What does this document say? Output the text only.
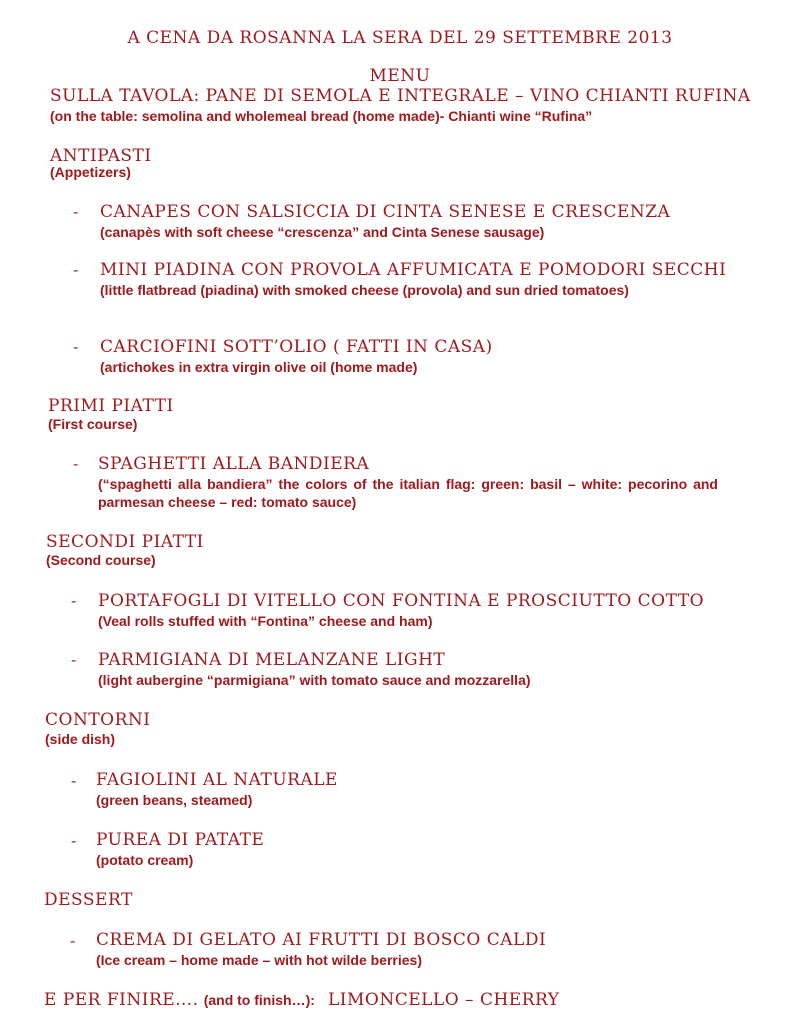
A CENA DA ROSANNA LA SERA DEL 29 SETTEMBRE 2013
MENU
SULLA TAVOLA: PANE DI SEMOLA E INTEGRALE – VINO CHIANTI RUFINA
(on the table: semolina and wholemeal bread (home made)- Chianti wine “Rufina”
ANTIPASTI
(Appetizers)
- CANAPES CON SALSICCIA DI CINTA SENESE E CRESCENZA
(canapès with soft cheese “crescenza” and Cinta Senese sausage)
- MINI PIADINA CON PROVOLA AFFUMICATA E POMODORI SECCHI
(little flatbread (piadina) with smoked cheese (provola) and sun dried tomatoes)
- CARCIOFINI SOTT’OLIO ( FATTI IN CASA)
(artichokes in extra virgin olive oil (home made)
PRIMI PIATTI
(First course)
- SPAGHETTI ALLA BANDIERA
(“spaghetti alla bandiera” the colors of the italian flag: green: basil – white: pecorino and parmesan cheese – red: tomato sauce)
SECONDI PIATTI
(Second course)
- PORTAFOGLI DI VITELLO CON FONTINA E PROSCIUTTO COTTO
(Veal rolls stuffed with “Fontina” cheese and ham)
- PARMIGIANA DI MELANZANE LIGHT
(light aubergine “parmigiana” with tomato sauce and mozzarella)
CONTORNI
(side dish)
- FAGIOLINI AL NATURALE
(green beans, steamed)
- PUREA DI PATATE
(potato cream)
DESSERT
- CREMA DI GELATO AI FRUTTI DI BOSCO CALDI
(Ice cream – home made – with hot wilde berries)
E PER FINIRE…. (and to finish…): LIMONCELLO – CHERRY
